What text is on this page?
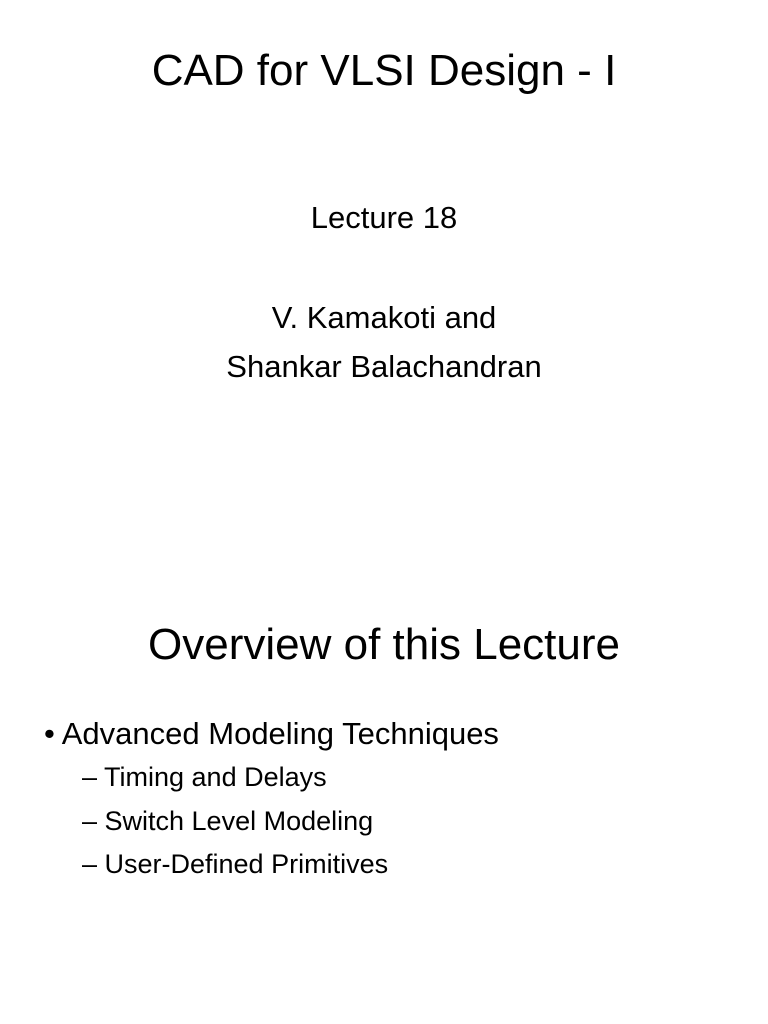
CAD for VLSI Design - I
Lecture 18
V. Kamakoti and
Shankar Balachandran
Overview of this Lecture
• Advanced Modeling Techniques
– Timing and Delays
– Switch Level Modeling
– User-Defined Primitives
